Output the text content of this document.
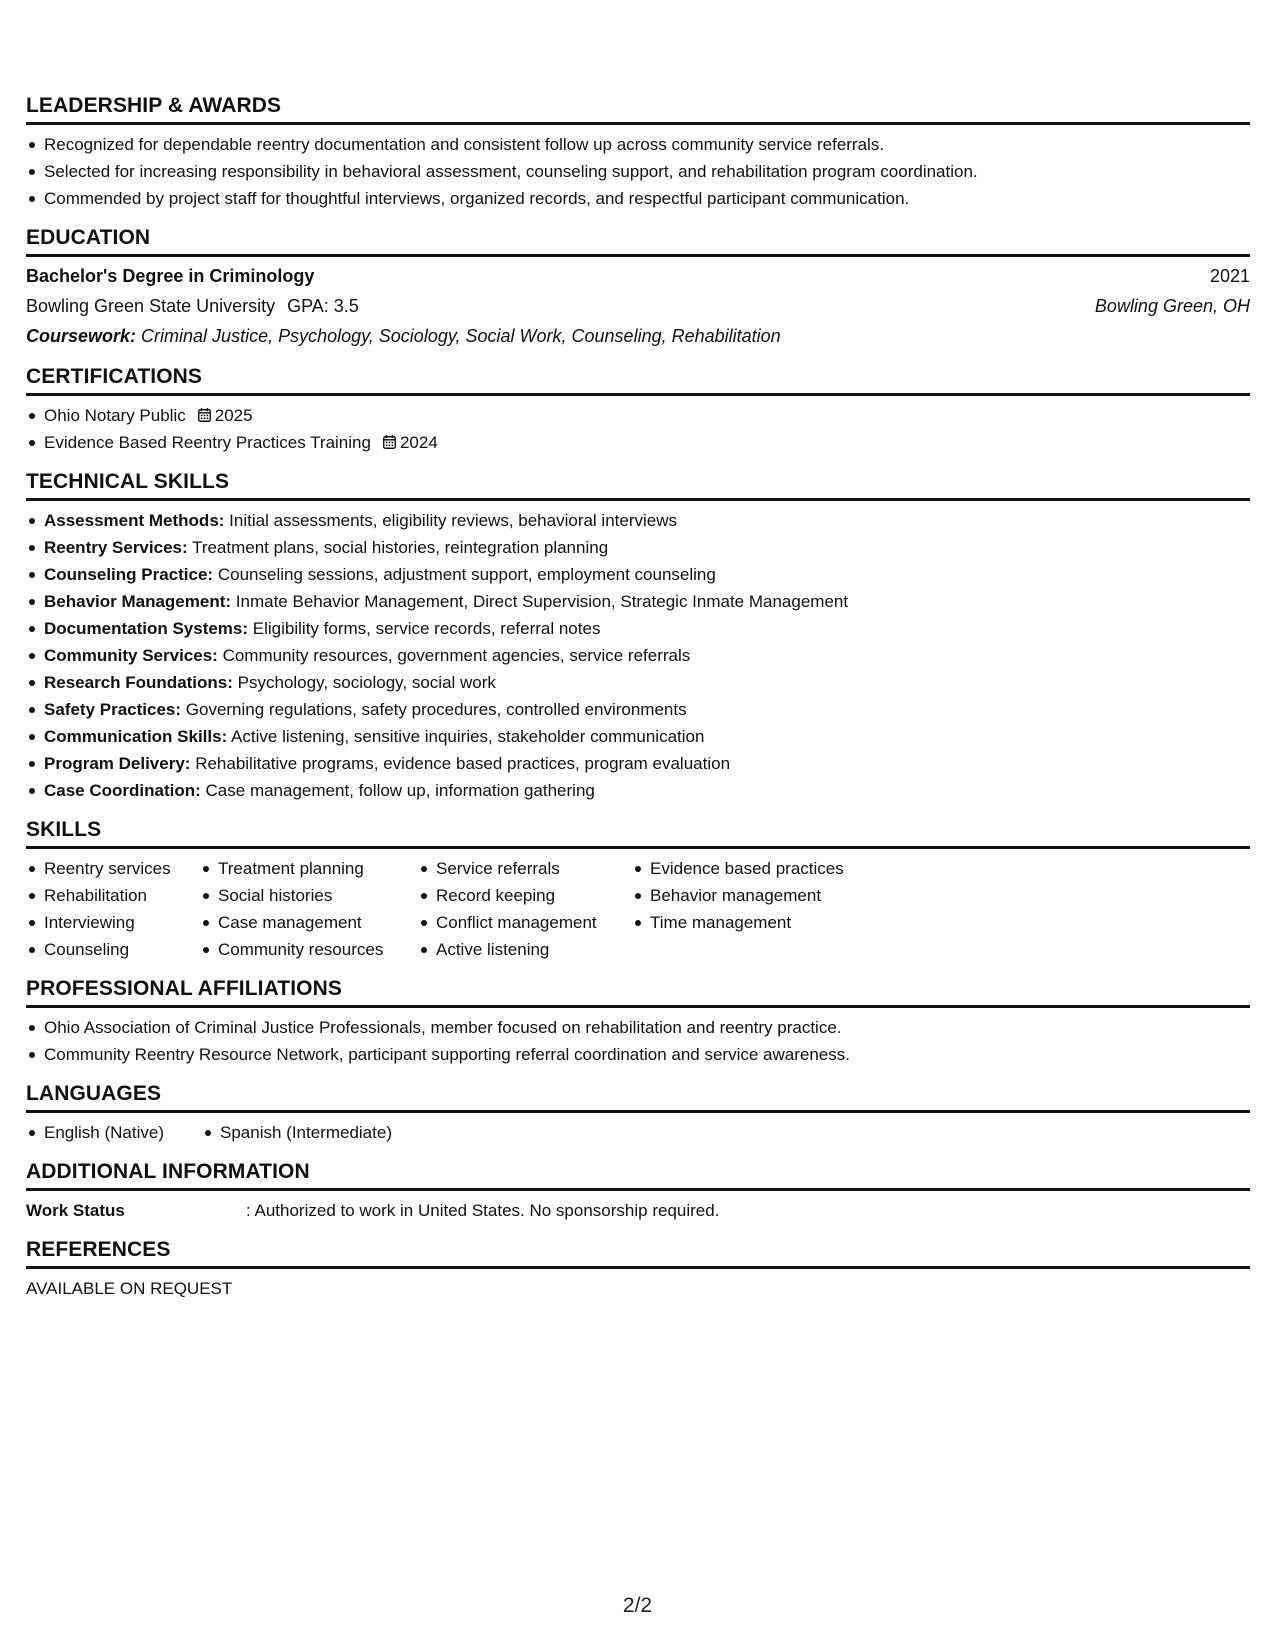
LEADERSHIP & AWARDS
Recognized for dependable reentry documentation and consistent follow up across community service referrals.
Selected for increasing responsibility in behavioral assessment, counseling support, and rehabilitation program coordination.
Commended by project staff for thoughtful interviews, organized records, and respectful participant communication.
EDUCATION
Bachelor's Degree in Criminology	2021
Bowling Green State University GPA: 3.5	Bowling Green, OH
Coursework: Criminal Justice, Psychology, Sociology, Social Work, Counseling, Rehabilitation
CERTIFICATIONS
Ohio Notary Public 2025
Evidence Based Reentry Practices Training 2024
TECHNICAL SKILLS
Assessment Methods: Initial assessments, eligibility reviews, behavioral interviews
Reentry Services: Treatment plans, social histories, reintegration planning
Counseling Practice: Counseling sessions, adjustment support, employment counseling
Behavior Management: Inmate Behavior Management, Direct Supervision, Strategic Inmate Management
Documentation Systems: Eligibility forms, service records, referral notes
Community Services: Community resources, government agencies, service referrals
Research Foundations: Psychology, sociology, social work
Safety Practices: Governing regulations, safety procedures, controlled environments
Communication Skills: Active listening, sensitive inquiries, stakeholder communication
Program Delivery: Rehabilitative programs, evidence based practices, program evaluation
Case Coordination: Case management, follow up, information gathering
SKILLS
Reentry services
Rehabilitation
Interviewing
Counseling
Treatment planning
Social histories
Case management
Community resources
Service referrals
Record keeping
Conflict management
Active listening
Evidence based practices
Behavior management
Time management
PROFESSIONAL AFFILIATIONS
Ohio Association of Criminal Justice Professionals, member focused on rehabilitation and reentry practice.
Community Reentry Resource Network, participant supporting referral coordination and service awareness.
LANGUAGES
English (Native)	Spanish (Intermediate)
ADDITIONAL INFORMATION
Work Status	: Authorized to work in United States. No sponsorship required.
REFERENCES
AVAILABLE ON REQUEST
2/2
